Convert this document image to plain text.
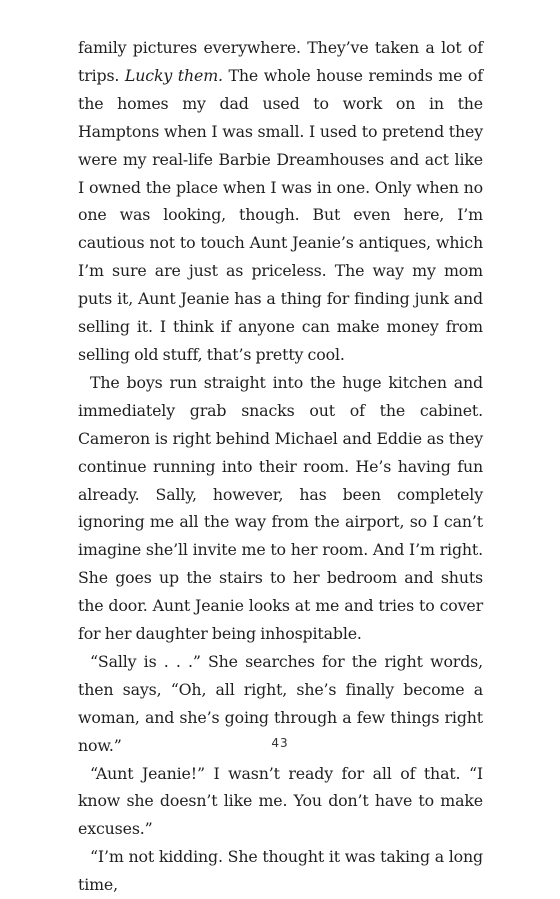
family pictures everywhere. They’ve taken a lot of trips. Lucky them. The whole house reminds me of the homes my dad used to work on in the Hamptons when I was small. I used to pretend they were my real-life Barbie Dreamhouses and act like I owned the place when I was in one. Only when no one was looking, though. But even here, I’m cautious not to touch Aunt Jeanie’s antiques, which I’m sure are just as priceless. The way my mom puts it, Aunt Jeanie has a thing for finding junk and selling it. I think if anyone can make money from selling old stuff, that’s pretty cool.

The boys run straight into the huge kitchen and immediately grab snacks out of the cabinet. Cameron is right behind Michael and Eddie as they continue running into their room. He’s having fun already. Sally, however, has been completely ignoring me all the way from the airport, so I can’t imagine she’ll invite me to her room. And I’m right. She goes up the stairs to her bedroom and shuts the door. Aunt Jeanie looks at me and tries to cover for her daughter being inhospitable.

“Sally is . . .” She searches for the right words, then says, “Oh, all right, she’s finally become a woman, and she’s going through a few things right now.”

“Aunt Jeanie!” I wasn’t ready for all of that. “I know she doesn’t like me. You don’t have to make excuses.”

“I’m not kidding. She thought it was taking a long time,

43
